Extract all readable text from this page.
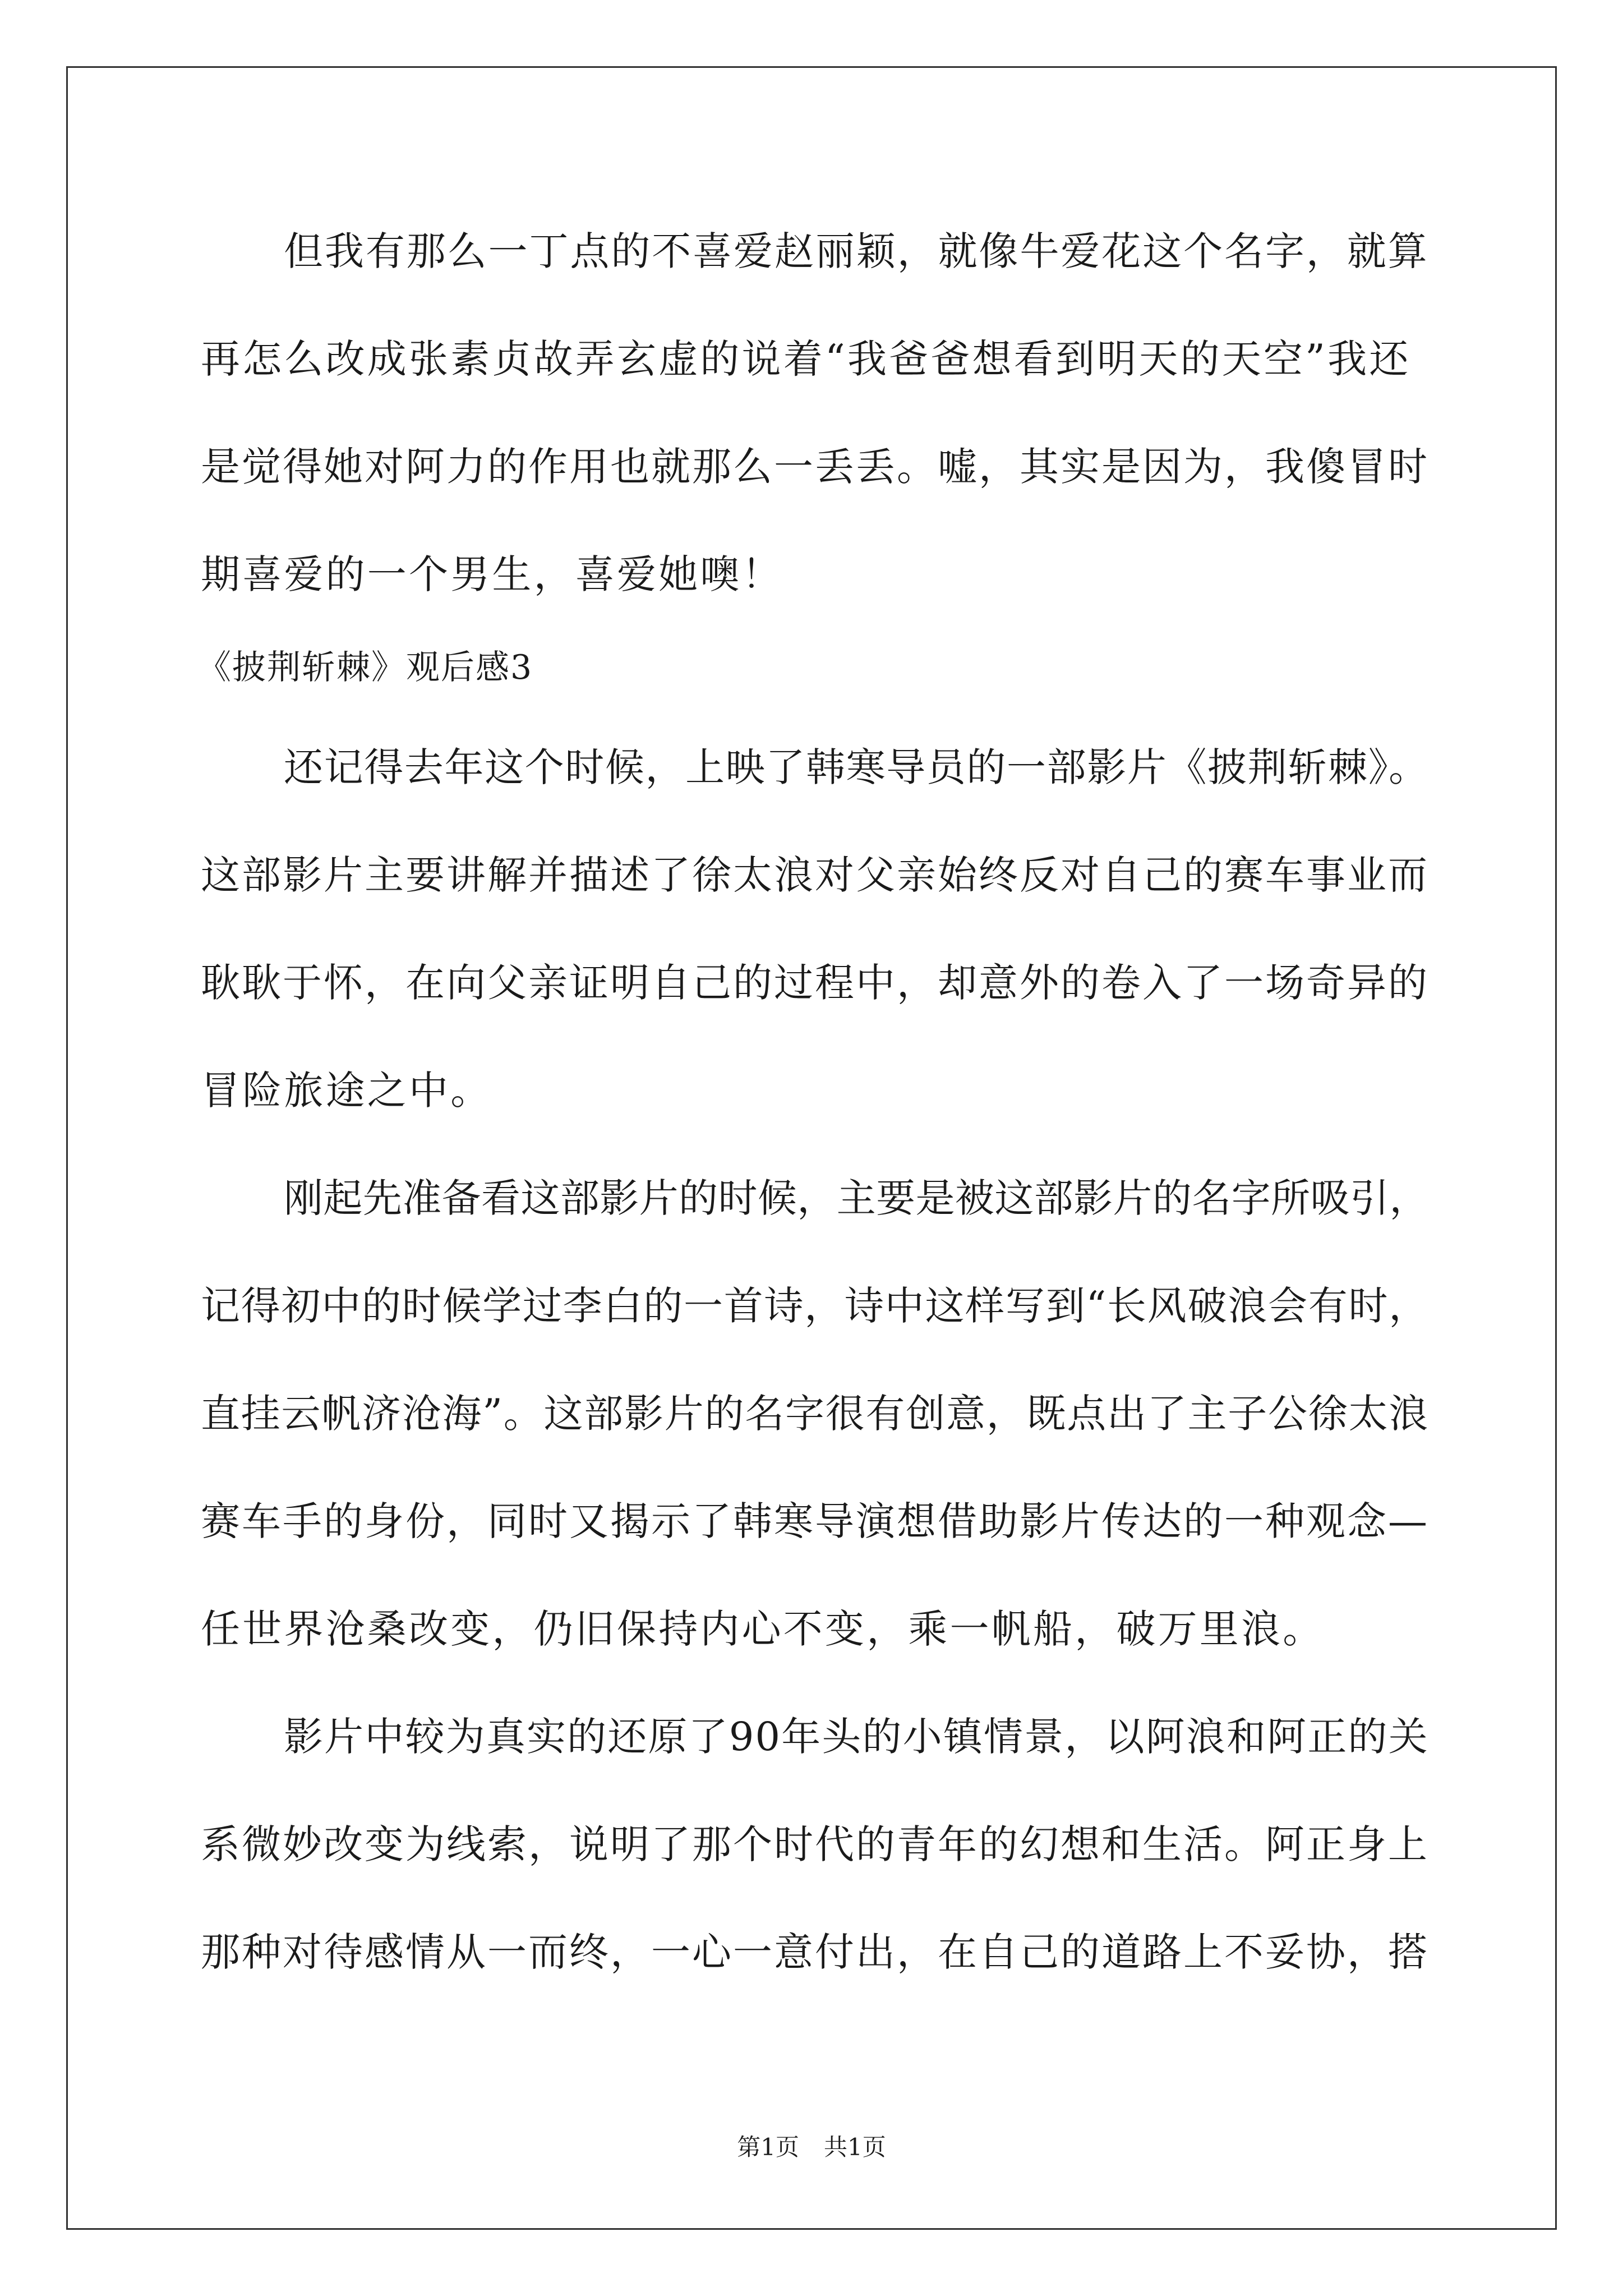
但我有那么一丁点的不喜爱赵丽颖，就像牛爱花这个名字，就算
再怎么改成张素贞故弄玄虚的说着“我爸爸想看到明天的天空”我还
是觉得她对阿力的作用也就那么一丢丢。嘘，其实是因为，我傻冒时
期喜爱的一个男生，喜爱她噢！
《披荆斩棘》观后感3
还记得去年这个时候，上映了韩寒导员的一部影片《披荆斩棘》。
这部影片主要讲解并描述了徐太浪对父亲始终反对自己的赛车事业而
耿耿于怀，在向父亲证明自己的过程中，却意外的卷入了一场奇异的
冒险旅途之中。
刚起先准备看这部影片的时候，主要是被这部影片的名字所吸引，
记得初中的时候学过李白的一首诗，诗中这样写到“长风破浪会有时，
直挂云帆济沧海”。这部影片的名字很有创意，既点出了主子公徐太浪
赛车手的身份，同时又揭示了韩寒导演想借助影片传达的一种观念—
任世界沧桑改变，仍旧保持内心不变，乘一帆船，破万里浪。
影片中较为真实的还原了90年头的小镇情景，以阿浪和阿正的关
系微妙改变为线索，说明了那个时代的青年的幻想和生活。阿正身上
那种对待感情从一而终，一心一意付出，在自己的道路上不妥协，搭
第1页 共1页
